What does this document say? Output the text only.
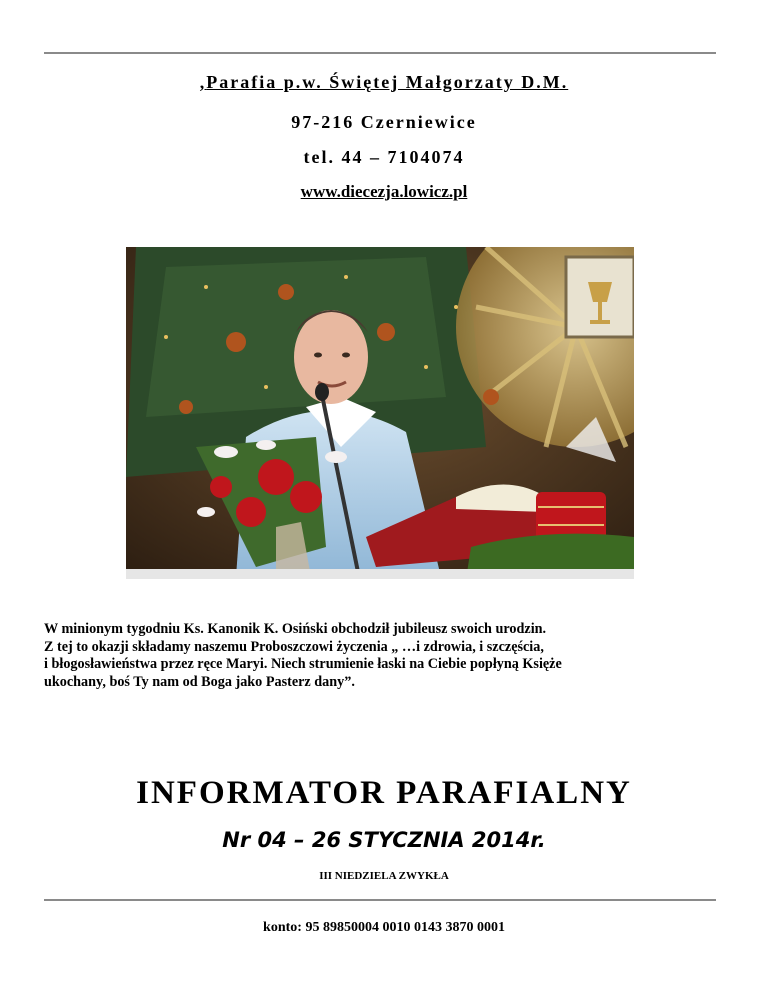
,Parafia p.w. Świętej Małgorzaty D.M.
97-216 Czerniewice
tel. 44 – 7104074
www.diecezja.lowicz.pl
W minionym tygodniu Ks. Kanonik K. Osiński obchodził jubileusz swoich urodzin.
Z tej to okazji składamy naszemu Proboszczowi życzenia „ …i zdrowia, i szczęścia,
i błogosławieństwa przez ręce Maryi. Niech strumienie łaski na Ciebie popłyną Księże
ukochany, boś Ty nam od Boga jako Pasterz dany”.
INFORMATOR PARAFIALNY
Nr 04 – 26 STYCZNIA 2014r.
III NIEDZIELA ZWYKŁA
konto: 95 89850004 0010 0143 3870 0001
